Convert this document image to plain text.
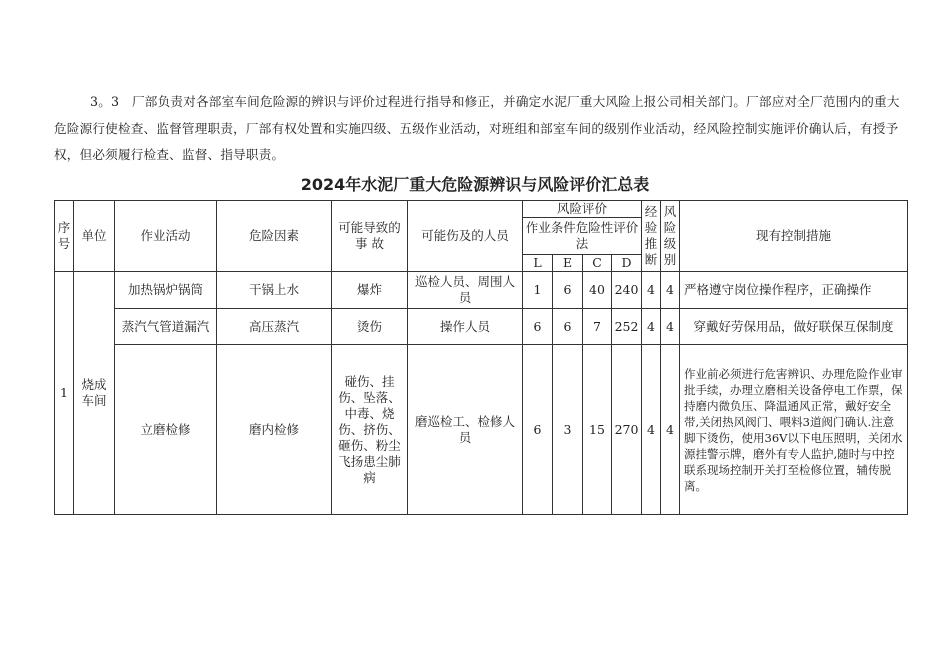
3。3　厂部负责对各部室车间危险源的辨识与评价过程进行指导和修正，并确定水泥厂重大风险上报公司相关部门。厂部应对全厂范围内的重大危险源行使检查、监督管理职责，厂部有权处置和实施四级、五级作业活动，对班组和部室车间的级别作业活动，经风险控制实施评价确认后，有授予权，但必须履行检查、监督、指导职责。
2024年水泥厂重大危险源辨识与风险评价汇总表
序号	单位	作业活动	危险因素	可能导致的事 故	可能伤及的人员	风险评价				经验推断	风险级别	现有控制措施
						作业条件危险性评价法						
						L	E	C	D			
1	烧成车间	加热锅炉锅筒	干锅上水	爆炸	巡检人员、周围人员	1	6	40	240	4	4	严格遵守岗位操作程序，正确操作
		蒸汽气管道漏汽	高压蒸汽	烫伤	操作人员	6	6	7	252	4	4	穿戴好劳保用品，做好联保互保制度
		立磨检修	磨内检修	碰伤、挂伤、坠落、中毒、烧伤、挤伤、砸伤、粉尘飞扬患尘肺病	磨巡检工、检修人员	6	3	15	270	4	4	作业前必须进行危害辨识、办理危险作业审批手续，办理立磨相关设备停电工作票，保持磨内微负压、降温通风正常，戴好安全带,关闭热风阀门、喂料3道阀门确认.注意脚下烫伤，使用36V以下电压照明，关闭水源挂警示牌，磨外有专人监护,随时与中控联系现场控制开关打至检修位置，辅传脱离。
